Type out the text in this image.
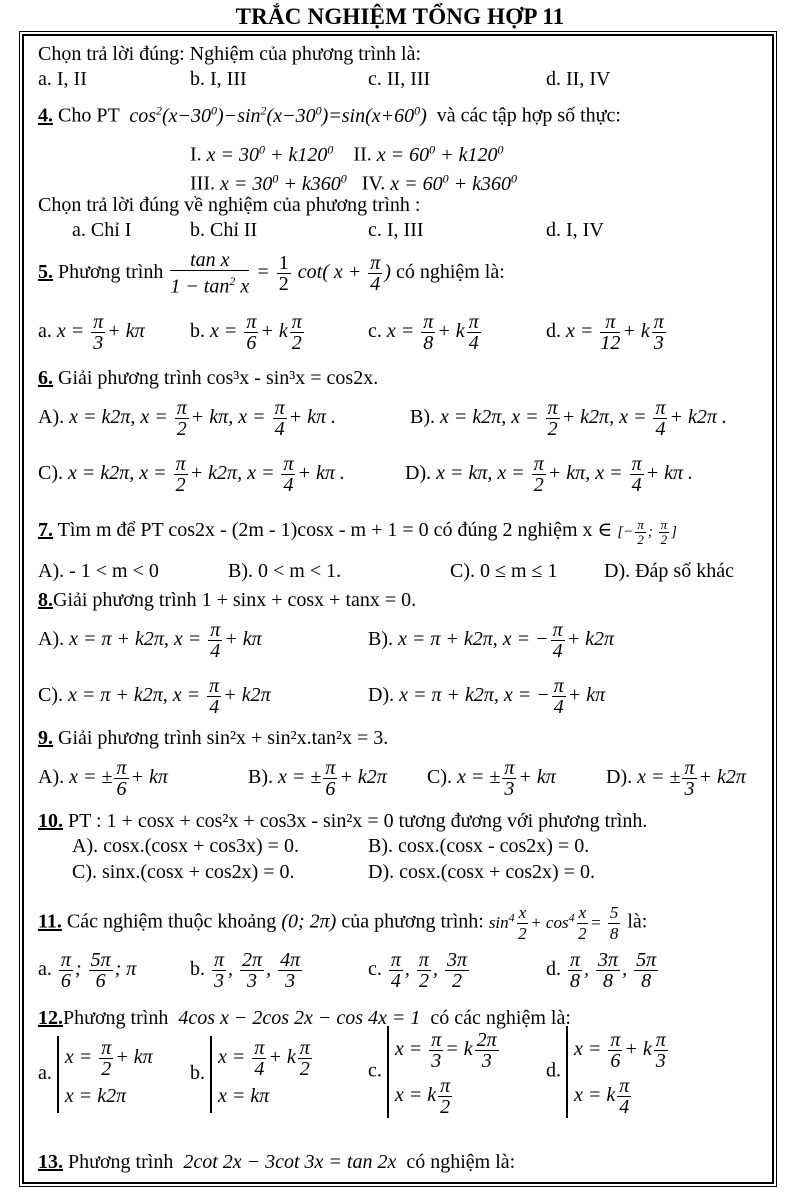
TRẮC NGHIỆM TỔNG HỢP 11
Chọn trả lời đúng: Nghiệm của phương trình là:
a. I, II	b. I, III	c. II, III	d. II, IV
4. Cho PT  $\cos^2(x-30^0)-\sin^2(x-30^0)=\sin(x+60^0)$  và các tập hợp số thực:
I. $x = 30^0 + k120^0$ II. $x = 60^0 + k120^0$
III. $x = 30^0 + k360^0$ IV. $x = 60^0 + k360^0$
Chọn trả lời đúng về nghiệm của phương trình :
a. Chỉ I	b. Chỉ II	c. I, III	d. I, IV
5. Phương trình $\frac{\text{tan x}}{1 - \tan^2 x} = \frac{1}{2} \cot$( $x + \frac{\pi}{4}$ ) có nghiệm là:
a. $x = \frac{\pi}{3} + k\pi$ b. $x = \frac{\pi}{6} + k \frac{\pi}{2}$	c. $x = \frac{\pi}{8} + k \frac{\pi}{4}$	d. $x = \frac{\pi}{12} + k \frac{\pi}{3}$
6. Giải phương trình cos³x - sin³x = cos2x.
A). x = k2π, $x = \frac{\pi}{2} + k\pi$, $x = \frac{\pi}{4} + k\pi$ .	B). x = k2π, $x = \frac{\pi}{2} + k2\pi$, $x = \frac{\pi}{4} + k2\pi$ .
C). x = k2π, $x = \frac{\pi}{2} + k2\pi$, $x = \frac{\pi}{4} + k\pi$ .	D). x = kπ, $x = \frac{\pi}{2} + k\pi$, $x = \frac{\pi}{4} + k\pi$ .
7. Tìm m để PT cos2x - (2m - 1)cosx - m + 1 = 0 có đúng 2 nghiệm x ∈ [− $\frac{\pi}{2}$ ; $\frac{\pi}{2}$ ]
A). - 1 < m < 0	B). 0 < m < 1.	C). 0 ≤ m ≤ 1 D). Đáp số khác
8.Giải phương trình 1 + sinx + cosx + tanx = 0.
A). x = π + k2π, $x = \frac{\pi}{4} + k\pi$	B). x = π + k2π, x = − $\frac{\pi}{4} + k2\pi$
C). x = π + k2π, $x = \frac{\pi}{4} + k2\pi$	D). x = π + k2π, x = − $\frac{\pi}{4} + k\pi$
9. Giải phương trình sin²x + sin²x.tan²x = 3.
A). x = ± $\frac{\pi}{6} + k\pi$	B). x = ± $\frac{\pi}{6} + k2\pi$ C). x = ± $\frac{\pi}{3} + k\pi$	D). x = ± $\frac{\pi}{3} + k2\pi$
10. PT : 1 + cosx + cos²x + cos3x - sin²x = 0 tương đương với phương trình.
A). cosx.(cosx + cos3x) = 0.	B). cosx.(cosx - cos2x) = 0.
C). sinx.(cosx + cos2x) = 0.	D). cosx.(cosx + cos2x) = 0.
11. Các nghiệm thuộc khoảng (0; 2π) của phương trình: $\sin^4 \frac{x}{2} + \cos^4 \frac{x}{2} = \frac{5}{8}$ là:
a. $\frac{\pi}{6}$ ; $\frac{5\pi}{6}$ ; π	b. $\frac{\pi}{3}$ , $\frac{2\pi}{3}$ , $\frac{4\pi}{3}$	c. $\frac{\pi}{4}$ , $\frac{\pi}{2}$ , $\frac{3\pi}{2}$	d. $\frac{\pi}{8}$ , $\frac{3\pi}{8}$ , $\frac{5\pi}{8}$
12.Phương trình  4cos x − 2cos 2x − cos 4x = 1  có các nghiệm là:
a.
$x = \frac{\pi}{2} + k\pi$
x = k2π
b.
$x = \frac{\pi}{4} + k \frac{\pi}{2}$
x = kπ
c.
$x = \frac{\pi}{3} = k \frac{2\pi}{3}$
x = k $\frac{\pi}{2}$
d.
$x = \frac{\pi}{6} + k \frac{\pi}{3}$
x = k $\frac{\pi}{4}$
13. Phương trình  2cot 2x − 3cot 3x = tan 2x  có nghiệm là:
